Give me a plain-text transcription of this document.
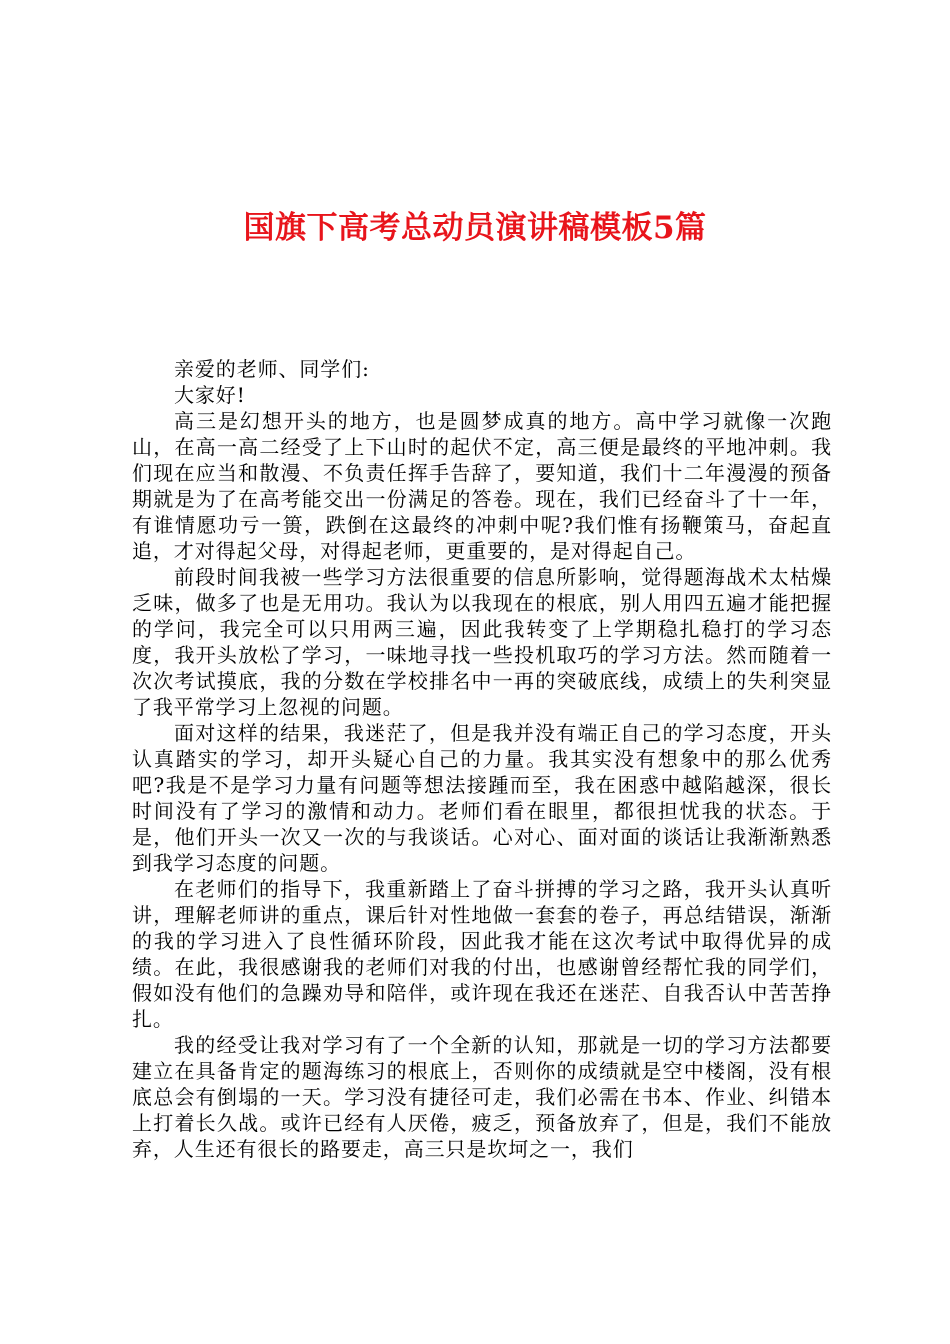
国旗下高考总动员演讲稿模板5篇

亲爱的老师、同学们:

大家好!

高三是幻想开头的地方，也是圆梦成真的地方。高中学习就像一次跑山，在高一高二经受了上下山时的起伏不定，高三便是最终的平地冲刺。我们现在应当和散漫、不负责任挥手告辞了，要知道，我们十二年漫漫的预备期就是为了在高考能交出一份满足的答卷。现在，我们已经奋斗了十一年，有谁情愿功亏一篑，跌倒在这最终的冲刺中呢?我们惟有扬鞭策马，奋起直追，才对得起父母，对得起老师，更重要的，是对得起自己。

前段时间我被一些学习方法很重要的信息所影响，觉得题海战术太枯燥乏味，做多了也是无用功。我认为以我现在的根底，别人用四五遍才能把握的学问，我完全可以只用两三遍，因此我转变了上学期稳扎稳打的学习态度，我开头放松了学习，一味地寻找一些投机取巧的学习方法。然而随着一次次考试摸底，我的分数在学校排名中一再的突破底线，成绩上的失利突显了我平常学习上忽视的问题。

面对这样的结果，我迷茫了，但是我并没有端正自己的学习态度，开头认真踏实的学习，却开头疑心自己的力量。我其实没有想象中的那么优秀吧?我是不是学习力量有问题等想法接踵而至，我在困惑中越陷越深，很长时间没有了学习的激情和动力。老师们看在眼里，都很担忧我的状态。于是，他们开头一次又一次的与我谈话。心对心、面对面的谈话让我渐渐熟悉到我学习态度的问题。

在老师们的指导下，我重新踏上了奋斗拼搏的学习之路，我开头认真听讲，理解老师讲的重点，课后针对性地做一套套的卷子，再总结错误，渐渐的我的学习进入了良性循环阶段，因此我才能在这次考试中取得优异的成绩。在此，我很感谢我的老师们对我的付出，也感谢曾经帮忙我的同学们，假如没有他们的急躁劝导和陪伴，或许现在我还在迷茫、自我否认中苦苦挣扎。

我的经受让我对学习有了一个全新的认知，那就是一切的学习方法都要建立在具备肯定的题海练习的根底上，否则你的成绩就是空中楼阁，没有根底总会有倒塌的一天。学习没有捷径可走，我们必需在书本、作业、纠错本上打着长久战。或许已经有人厌倦，疲乏，预备放弃了，但是，我们不能放弃，人生还有很长的路要走，高三只是坎坷之一，我们
